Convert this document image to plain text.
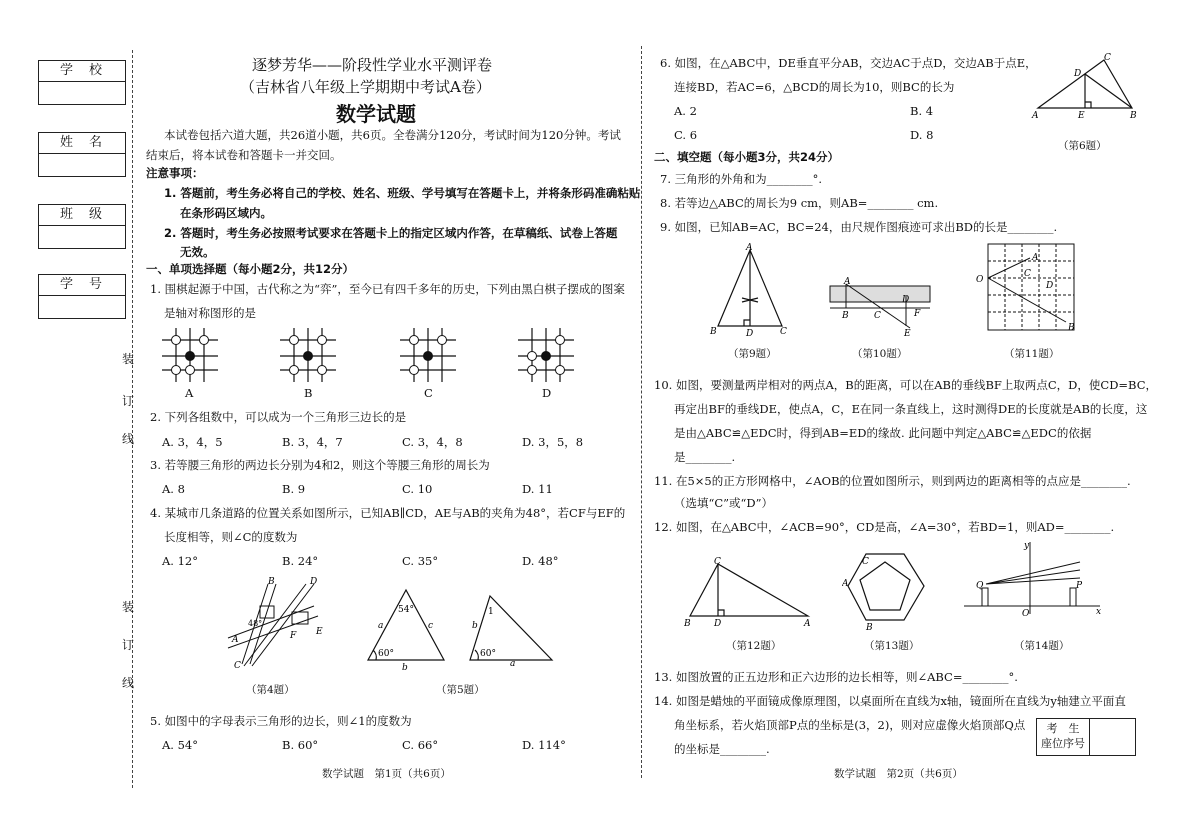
学校
姓名
班级
学号
装
订
线
装
订
线
逐梦芳华——阶段性学业水平测评卷
（吉林省八年级上学期期中考试A卷）
数学试题
本试卷包括六道大题，共26道小题，共6页。全卷满分120分，考试时间为120分钟。考试
结束后，将本试卷和答题卡一并交回。
注意事项：
1. 答题前，考生务必将自己的学校、姓名、班级、学号填写在答题卡上，并将条形码准确粘贴
在条形码区域内。
2. 答题时，考生务必按照考试要求在答题卡上的指定区域内作答，在草稿纸、试卷上答题
无效。
一、单项选择题（每小题2分，共12分）
1. 围棋起源于中国，古代称之为“弈”，至今已有四千多年的历史，下列由黑白棋子摆成的图案
是轴对称图形的是
A	B	C	D
2. 下列各组数中，可以成为一个三角形三边长的是
A. 3，4，5	B. 3，4，7	C. 3，4，8	D. 3，5，8
3. 若等腰三角形的两边长分别为4和2，则这个等腰三角形的周长为
A. 8	B. 9	C. 10	D. 11
4. 某城市几条道路的位置关系如图所示，已知AB∥CD，AE与AB的夹角为48°，若CF与EF的
长度相等，则∠C的度数为
A. 12°	B. 24°	C. 35°	D. 48°
B	D
A
E
F
C
48°
（第4题）
54°
60°
a	c
b
1
60°
b
a
（第5题）
5. 如图中的字母表示三角形的边长，则∠1的度数为
A. 54°	B. 60°	C. 66°	D. 114°
数学试题　第1页（共6页）
6. 如图，在△ABC中，DE垂直平分AB，交边AC于点D，交边AB于点E，
连接BD，若AC=6，△BCD的周长为10，则BC的长为
A. 2	B. 4
C. 6	D. 8
A
C
D
E	B
（第6题）
二、填空题（每小题3分，共24分）
7. 三角形的外角和为________°.
8. 若等边△ABC的周长为9 cm，则AB=________ cm.
9. 如图，已知AB=AC，BC=24，由尺规作图痕迹可求出BD的长是________.
A
B	D	C
（第9题）
A
B	C
D
F
E
（第10题）
O
A
C
D
B
（第11题）
10. 如图，要测量两岸相对的两点A，B的距离，可以在AB的垂线BF上取两点C，D，使CD=BC，
再定出BF的垂线DE，使点A，C，E在同一条直线上，这时测得DE的长度就是AB的长度，这
是由△ABC≌△EDC时，得到AB=ED的缘故. 此问题中判定△ABC≌△EDC的依据
是________.
11. 在5×5的正方形网格中，∠AOB的位置如图所示，则到两边的距离相等的点应是________.
（选填“C”或“D”）
12. 如图，在△ABC中，∠ACB=90°，CD是高，∠A=30°，若BD=1，则AD=________.
C
B	D	A
（第12题）
C
A
B
（第13题）
y
x
O
Q	P
（第14题）
13. 如图放置的正五边形和正六边形的边长相等，则∠ABC=________°.
14. 如图是蜡烛的平面镜成像原理图，以桌面所在直线为x轴，镜面所在直线为y轴建立平面直
角坐标系，若火焰顶部P点的坐标是(3，2)，则对应虚像火焰顶部Q点
的坐标是________.
考　生
座位序号
数学试题　第2页（共6页）
